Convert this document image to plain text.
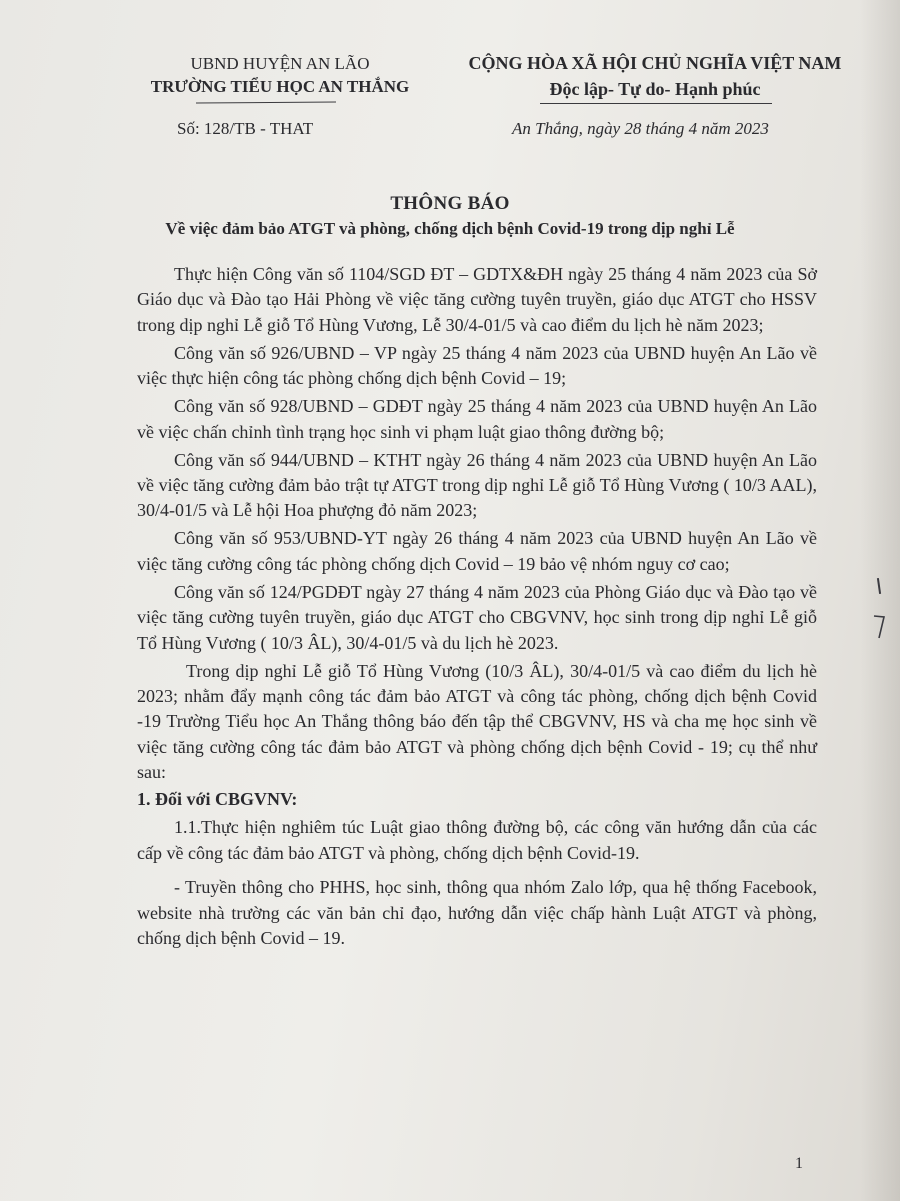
UBND HUYỆN AN LÃO
TRƯỜNG TIỂU HỌC AN THẮNG
CỘNG HÒA XÃ HỘI CHỦ NGHĨA VIỆT NAM
Độc lập- Tự do- Hạnh phúc
Số: 128/TB - THAT	An Thắng, ngày 28 tháng 4 năm 2023
THÔNG BÁO
Về việc đảm bảo ATGT và phòng, chống dịch bệnh Covid-19 trong dịp nghỉ Lễ

Thực hiện Công văn số 1104/SGD ĐT – GDTX&ĐH ngày 25 tháng 4 năm 2023 của Sở Giáo dục và Đào tạo Hải Phòng về việc tăng cường tuyên truyền, giáo dục ATGT cho HSSV trong dịp nghỉ Lễ giỗ Tổ Hùng Vương, Lễ 30/4-01/5 và cao điểm du lịch hè năm 2023;

Công văn số 926/UBND – VP ngày 25 tháng 4 năm 2023 của UBND huyện An Lão về việc thực hiện công tác phòng chống dịch bệnh Covid – 19;

Công văn số 928/UBND – GDĐT ngày 25 tháng 4 năm 2023 của UBND huyện An Lão về việc chấn chỉnh tình trạng học sinh vi phạm luật giao thông đường bộ;

Công văn số 944/UBND – KTHT ngày 26 tháng 4 năm 2023 của UBND huyện An Lão về việc tăng cường đảm bảo trật tự ATGT trong dịp nghỉ Lễ giỗ Tổ Hùng Vương ( 10/3 AAL), 30/4-01/5 và Lễ hội Hoa phượng đỏ năm 2023;

Công văn số 953/UBND-YT ngày 26 tháng 4 năm 2023 của UBND huyện An Lão về việc tăng cường công tác phòng chống dịch Covid – 19 bảo vệ nhóm nguy cơ cao;

Công văn số 124/PGDĐT ngày 27 tháng 4 năm 2023 của Phòng Giáo dục và Đào tạo về việc tăng cường tuyên truyền, giáo dục ATGT cho CBGVNV, học sinh trong dịp nghỉ Lễ giỗ Tổ Hùng Vương ( 10/3 ÂL), 30/4-01/5 và du lịch hè 2023.

Trong dịp nghỉ Lễ giỗ Tổ Hùng Vương (10/3 ÂL), 30/4-01/5 và cao điểm du lịch hè 2023; nhằm đẩy mạnh công tác đảm bảo ATGT và công tác phòng, chống dịch bệnh Covid -19 Trường Tiểu học An Thắng thông báo đến tập thể CBGVNV, HS và cha mẹ học sinh về việc tăng cường công tác đảm bảo ATGT và phòng chống dịch bệnh Covid - 19; cụ thể như sau:

1. Đối với CBGVNV:

1.1.Thực hiện nghiêm túc Luật giao thông đường bộ, các công văn hướng dẫn của các cấp về công tác đảm bảo ATGT và phòng, chống dịch bệnh Covid-19.

- Truyền thông cho PHHS, học sinh, thông qua nhóm Zalo lớp, qua hệ thống Facebook, website nhà trường các văn bản chỉ đạo, hướng dẫn việc chấp hành Luật ATGT và phòng, chống dịch bệnh Covid – 19.

1
